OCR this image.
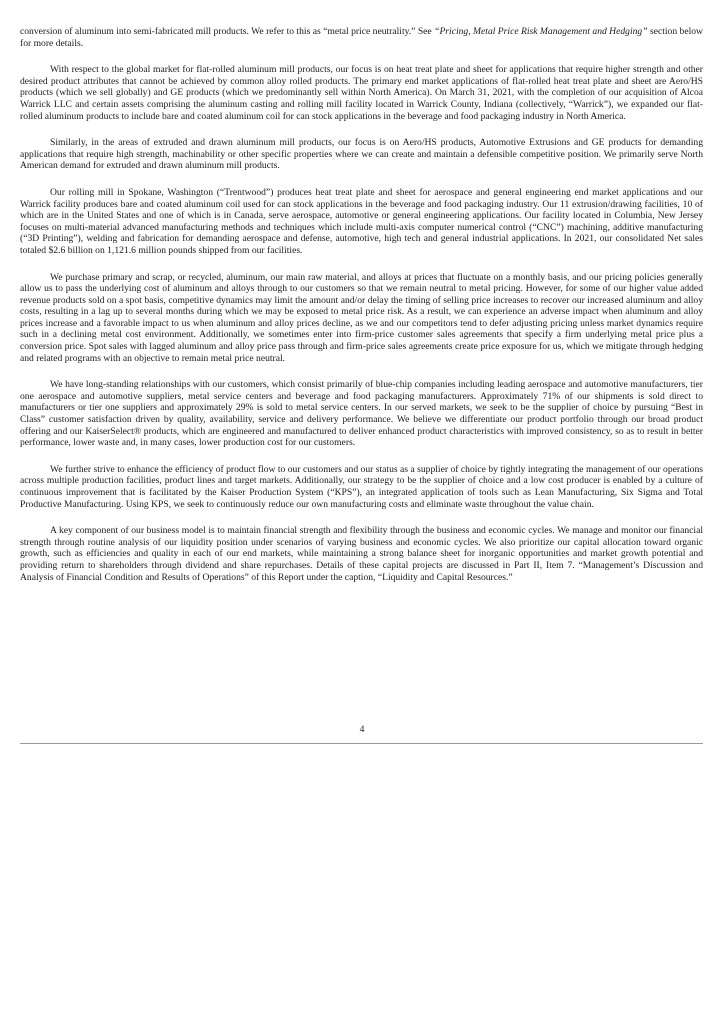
conversion of aluminum into semi-fabricated mill products. We refer to this as “metal price neutrality.” See “Pricing, Metal Price Risk Management and Hedging” section below for more details.

With respect to the global market for flat-rolled aluminum mill products, our focus is on heat treat plate and sheet for applications that require higher strength and other desired product attributes that cannot be achieved by common alloy rolled products. The primary end market applications of flat-rolled heat treat plate and sheet are Aero/HS products (which we sell globally) and GE products (which we predominantly sell within North America). On March 31, 2021, with the completion of our acquisition of Alcoa Warrick LLC and certain assets comprising the aluminum casting and rolling mill facility located in Warrick County, Indiana (collectively, “Warrick”), we expanded our flat-rolled aluminum products to include bare and coated aluminum coil for can stock applications in the beverage and food packaging industry in North America.

Similarly, in the areas of extruded and drawn aluminum mill products, our focus is on Aero/HS products, Automotive Extrusions and GE products for demanding applications that require high strength, machinability or other specific properties where we can create and maintain a defensible competitive position. We primarily serve North American demand for extruded and drawn aluminum mill products.

Our rolling mill in Spokane, Washington (“Trentwood”) produces heat treat plate and sheet for aerospace and general engineering end market applications and our Warrick facility produces bare and coated aluminum coil used for can stock applications in the beverage and food packaging industry. Our 11 extrusion/drawing facilities, 10 of which are in the United States and one of which is in Canada, serve aerospace, automotive or general engineering applications. Our facility located in Columbia, New Jersey focuses on multi-material advanced manufacturing methods and techniques which include multi-axis computer numerical control (“CNC”) machining, additive manufacturing (“3D Printing”), welding and fabrication for demanding aerospace and defense, automotive, high tech and general industrial applications. In 2021, our consolidated Net sales totaled $2.6 billion on 1,121.6 million pounds shipped from our facilities.

We purchase primary and scrap, or recycled, aluminum, our main raw material, and alloys at prices that fluctuate on a monthly basis, and our pricing policies generally allow us to pass the underlying cost of aluminum and alloys through to our customers so that we remain neutral to metal pricing. However, for some of our higher value added revenue products sold on a spot basis, competitive dynamics may limit the amount and/or delay the timing of selling price increases to recover our increased aluminum and alloy costs, resulting in a lag up to several months during which we may be exposed to metal price risk. As a result, we can experience an adverse impact when aluminum and alloy prices increase and a favorable impact to us when aluminum and alloy prices decline, as we and our competitors tend to defer adjusting pricing unless market dynamics require such in a declining metal cost environment. Additionally, we sometimes enter into firm-price customer sales agreements that specify a firm underlying metal price plus a conversion price. Spot sales with lagged aluminum and alloy price pass through and firm-price sales agreements create price exposure for us, which we mitigate through hedging and related programs with an objective to remain metal price neutral.

We have long-standing relationships with our customers, which consist primarily of blue-chip companies including leading aerospace and automotive manufacturers, tier one aerospace and automotive suppliers, metal service centers and beverage and food packaging manufacturers. Approximately 71% of our shipments is sold direct to manufacturers or tier one suppliers and approximately 29% is sold to metal service centers. In our served markets, we seek to be the supplier of choice by pursuing “Best in Class” customer satisfaction driven by quality, availability, service and delivery performance. We believe we differentiate our product portfolio through our broad product offering and our KaiserSelect® products, which are engineered and manufactured to deliver enhanced product characteristics with improved consistency, so as to result in better performance, lower waste and, in many cases, lower production cost for our customers.

We further strive to enhance the efficiency of product flow to our customers and our status as a supplier of choice by tightly integrating the management of our operations across multiple production facilities, product lines and target markets. Additionally, our strategy to be the supplier of choice and a low cost producer is enabled by a culture of continuous improvement that is facilitated by the Kaiser Production System (“KPS”), an integrated application of tools such as Lean Manufacturing, Six Sigma and Total Productive Manufacturing. Using KPS, we seek to continuously reduce our own manufacturing costs and eliminate waste throughout the value chain.

A key component of our business model is to maintain financial strength and flexibility through the business and economic cycles. We manage and monitor our financial strength through routine analysis of our liquidity position under scenarios of varying business and economic cycles. We also prioritize our capital allocation toward organic growth, such as efficiencies and quality in each of our end markets, while maintaining a strong balance sheet for inorganic opportunities and market growth potential and providing return to shareholders through dividend and share repurchases. Details of these capital projects are discussed in Part II, Item 7. “Management’s Discussion and Analysis of Financial Condition and Results of Operations” of this Report under the caption, “Liquidity and Capital Resources.”

4
